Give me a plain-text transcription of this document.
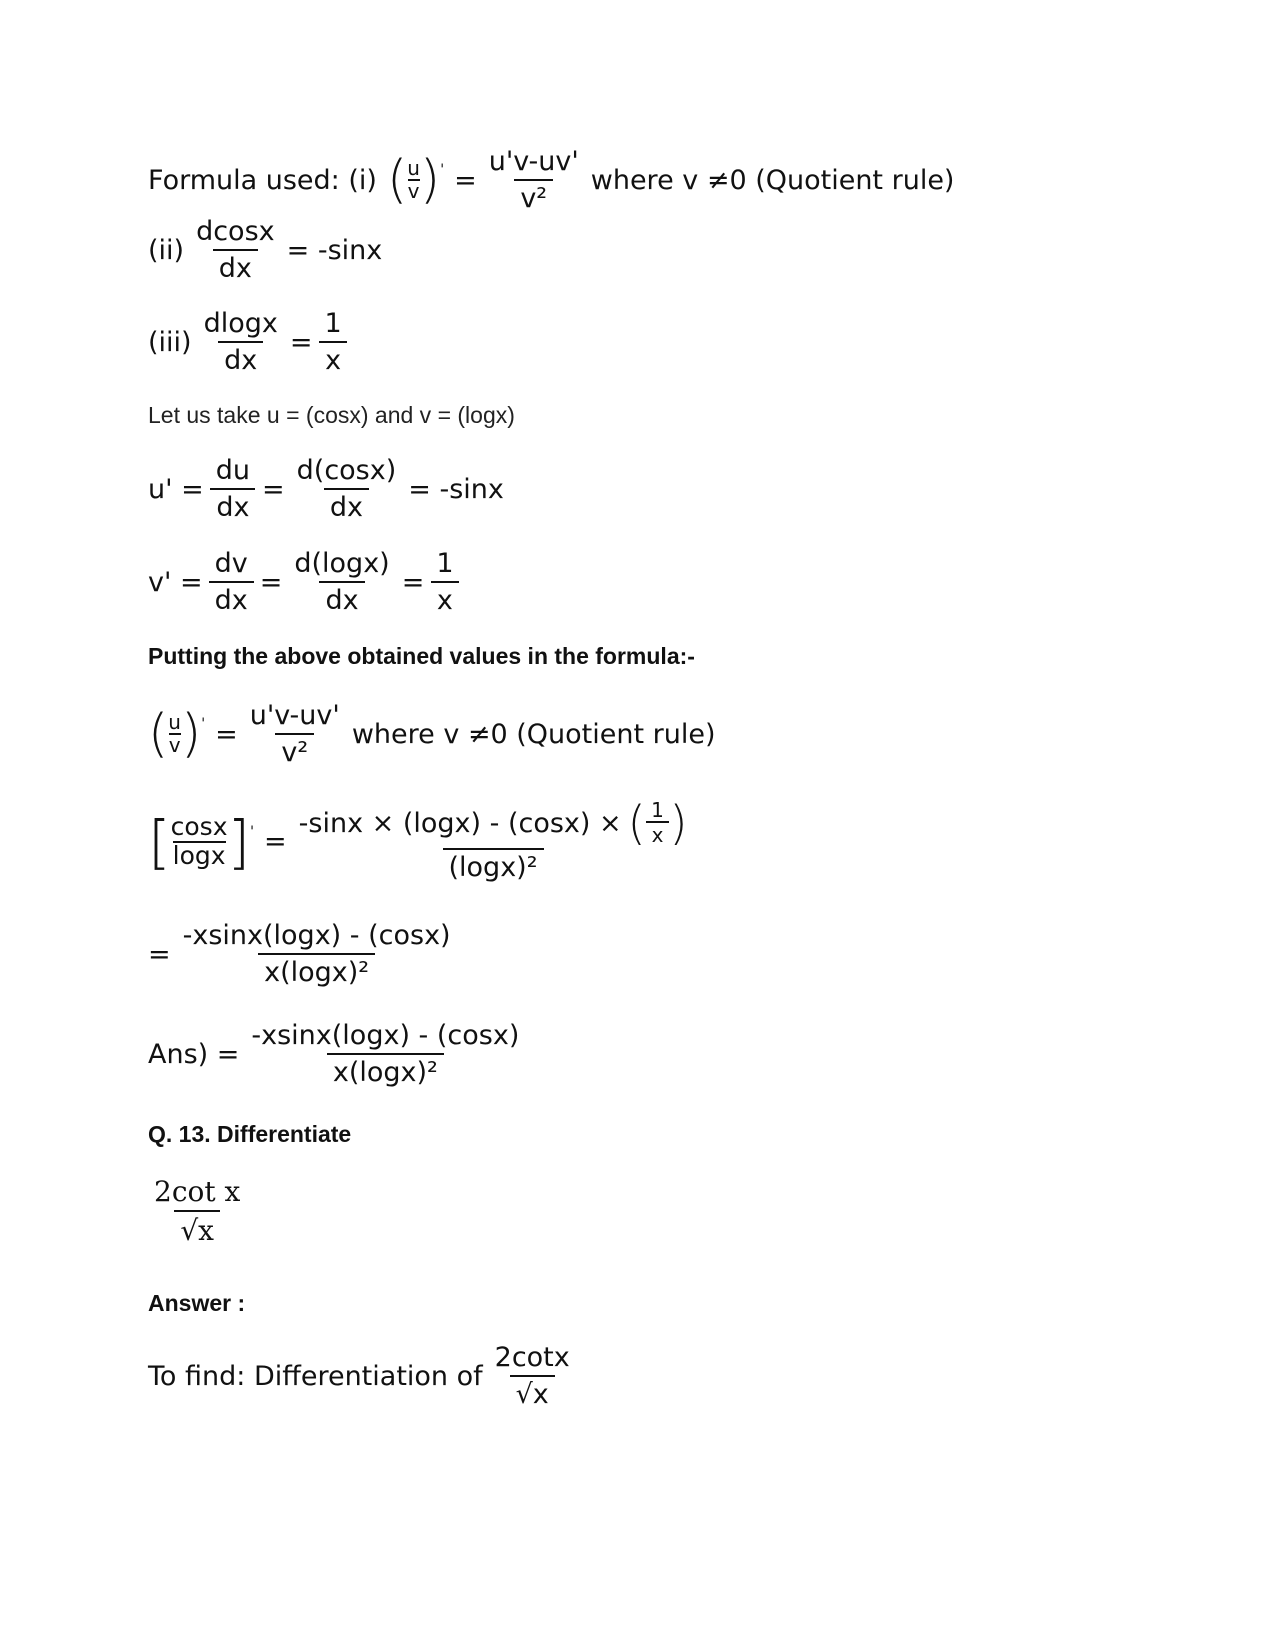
Formula used: (i) ( u
v ) ' = $\frac{u'v-uv'}{\text{v²}}$ where v ≠0 (Quotient rule)
$(ii) \frac{dcosx}{dx} = -\sin x$
$(iii) \frac{dlogx}{dx} = \frac{1}{x}$
Let us take u = (cosx) and v = (logx)
$u' = \frac{du}{dx} = \frac{d(\cos x)}{dx} = -\sin x$
$v' = \frac{dv}{dx} = \frac{d(\log x)}{dx} = \frac{1}{x}$
Putting the above obtained values in the formula:-
( u
v ) ' = $\frac{u'v-uv'}{\text{v²}}$ where v ≠0 (Quotient rule)
[ cosx
logx ] ' = -sinx × (logx) - (cosx) × ( 1
x )
(logx)²
= $\frac{-xsinx(\log x) - (\cos x)}{\text{x(logx)²}}$
$Ans) = \frac{-xsinx(\log x) - (\cos x)}{\text{x(logx)²}}$
Q. 13. Differentiate
$\frac{\text{2cot x}}{√x}$
Answer :
To find: Differentiation of $\frac{2\cot x}{√x}$
